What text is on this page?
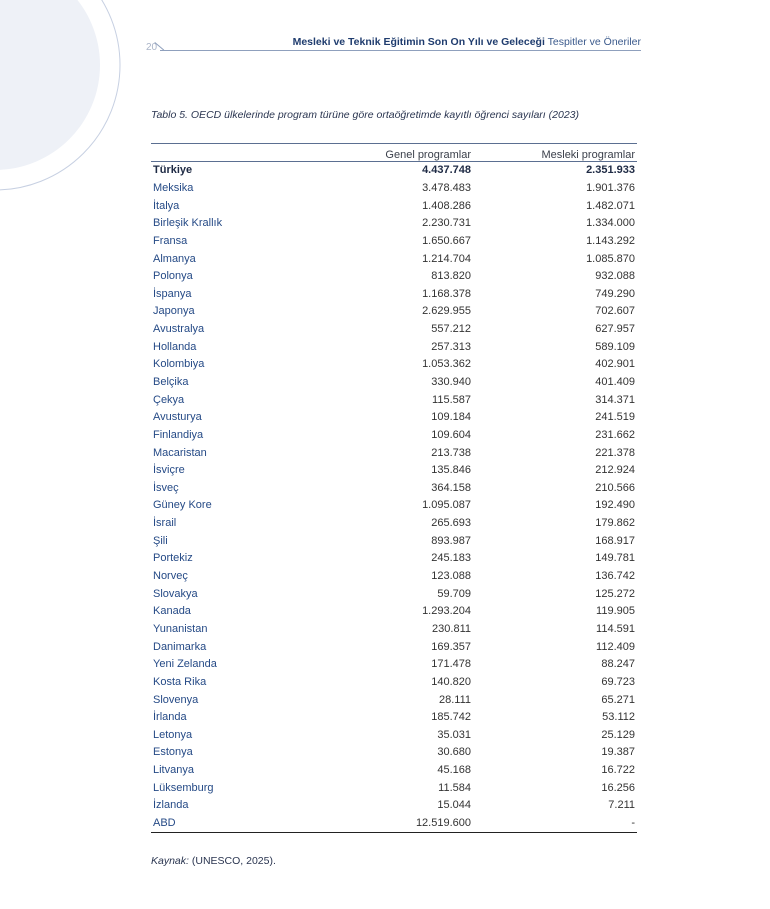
20	Mesleki ve Teknik Eğitimin Son On Yılı ve Geleceği Tespitler ve Öneriler
Tablo 5. OECD ülkelerinde program türüne göre ortaöğretimde kayıtlı öğrenci sayıları (2023)
	Genel programlar	Mesleki programlar
Türkiye	4.437.748	2.351.933
Meksika	3.478.483	1.901.376
İtalya	1.408.286	1.482.071
Birleşik Krallık	2.230.731	1.334.000
Fransa	1.650.667	1.143.292
Almanya	1.214.704	1.085.870
Polonya	813.820	932.088
İspanya	1.168.378	749.290
Japonya	2.629.955	702.607
Avustralya	557.212	627.957
Hollanda	257.313	589.109
Kolombiya	1.053.362	402.901
Belçika	330.940	401.409
Çekya	115.587	314.371
Avusturya	109.184	241.519
Finlandiya	109.604	231.662
Macaristan	213.738	221.378
İsviçre	135.846	212.924
İsveç	364.158	210.566
Güney Kore	1.095.087	192.490
İsrail	265.693	179.862
Şili	893.987	168.917
Portekiz	245.183	149.781
Norveç	123.088	136.742
Slovakya	59.709	125.272
Kanada	1.293.204	119.905
Yunanistan	230.811	114.591
Danimarka	169.357	112.409
Yeni Zelanda	171.478	88.247
Kosta Rika	140.820	69.723
Slovenya	28.111	65.271
İrlanda	185.742	53.112
Letonya	35.031	25.129
Estonya	30.680	19.387
Litvanya	45.168	16.722
Lüksemburg	11.584	16.256
İzlanda	15.044	7.211
ABD	12.519.600	-
Kaynak: (UNESCO, 2025).
